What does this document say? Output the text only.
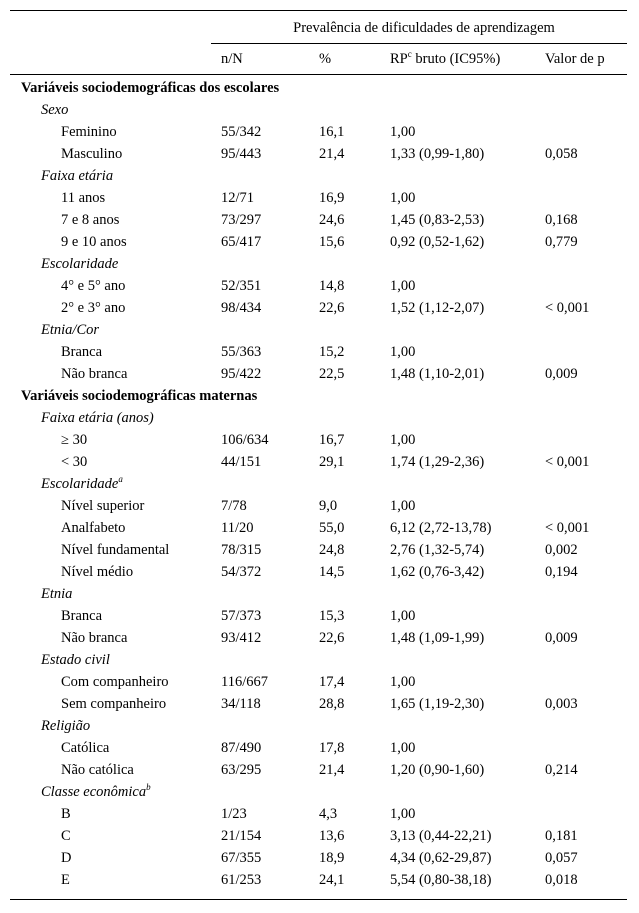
Prevalência de dificuldades de aprendizagem
n/N	%	$RP^c$ bruto (IC95%)	Valor de p
Variáveis sociodemográficas dos escolares
Sexo
Feminino	55/342	16,1	1,00
Masculino	95/443	21,4	1,33 (0,99-1,80)	0,058
Faixa etária
11 anos	12/71	16,9	1,00
7 e 8 anos	73/297	24,6	1,45 (0,83-2,53)	0,168
9 e 10 anos	65/417	15,6	0,92 (0,52-1,62)	0,779
Escolaridade
4° e 5° ano	52/351	14,8	1,00
2° e 3° ano	98/434	22,6	1,52 (1,12-2,07)	< 0,001
Etnia/Cor
Branca	55/363	15,2	1,00
Não branca	95/422	22,5	1,48 (1,10-2,01)	0,009
Variáveis sociodemográficas maternas
Faixa etária (anos)
≥ 30	106/634	16,7	1,00
< 30	44/151	29,1	1,74 (1,29-2,36)	< 0,001
Escolaridade$^a$
Nível superior	7/78	9,0	1,00
Analfabeto	11/20	55,0	6,12 (2,72-13,78)	< 0,001
Nível fundamental	78/315	24,8	2,76 (1,32-5,74)	0,002
Nível médio	54/372	14,5	1,62 (0,76-3,42)	0,194
Etnia
Branca	57/373	15,3	1,00
Não branca	93/412	22,6	1,48 (1,09-1,99)	0,009
Estado civil
Com companheiro	116/667	17,4	1,00
Sem companheiro	34/118	28,8	1,65 (1,19-2,30)	0,003
Religião
Católica	87/490	17,8	1,00
Não católica	63/295	21,4	1,20 (0,90-1,60)	0,214
Classe econômica$^b$
B	1/23	4,3	1,00
C	21/154	13,6	3,13 (0,44-22,21)	0,181
D	67/355	18,9	4,34 (0,62-29,87)	0,057
E	61/253	24,1	5,54 (0,80-38,18)	0,018
